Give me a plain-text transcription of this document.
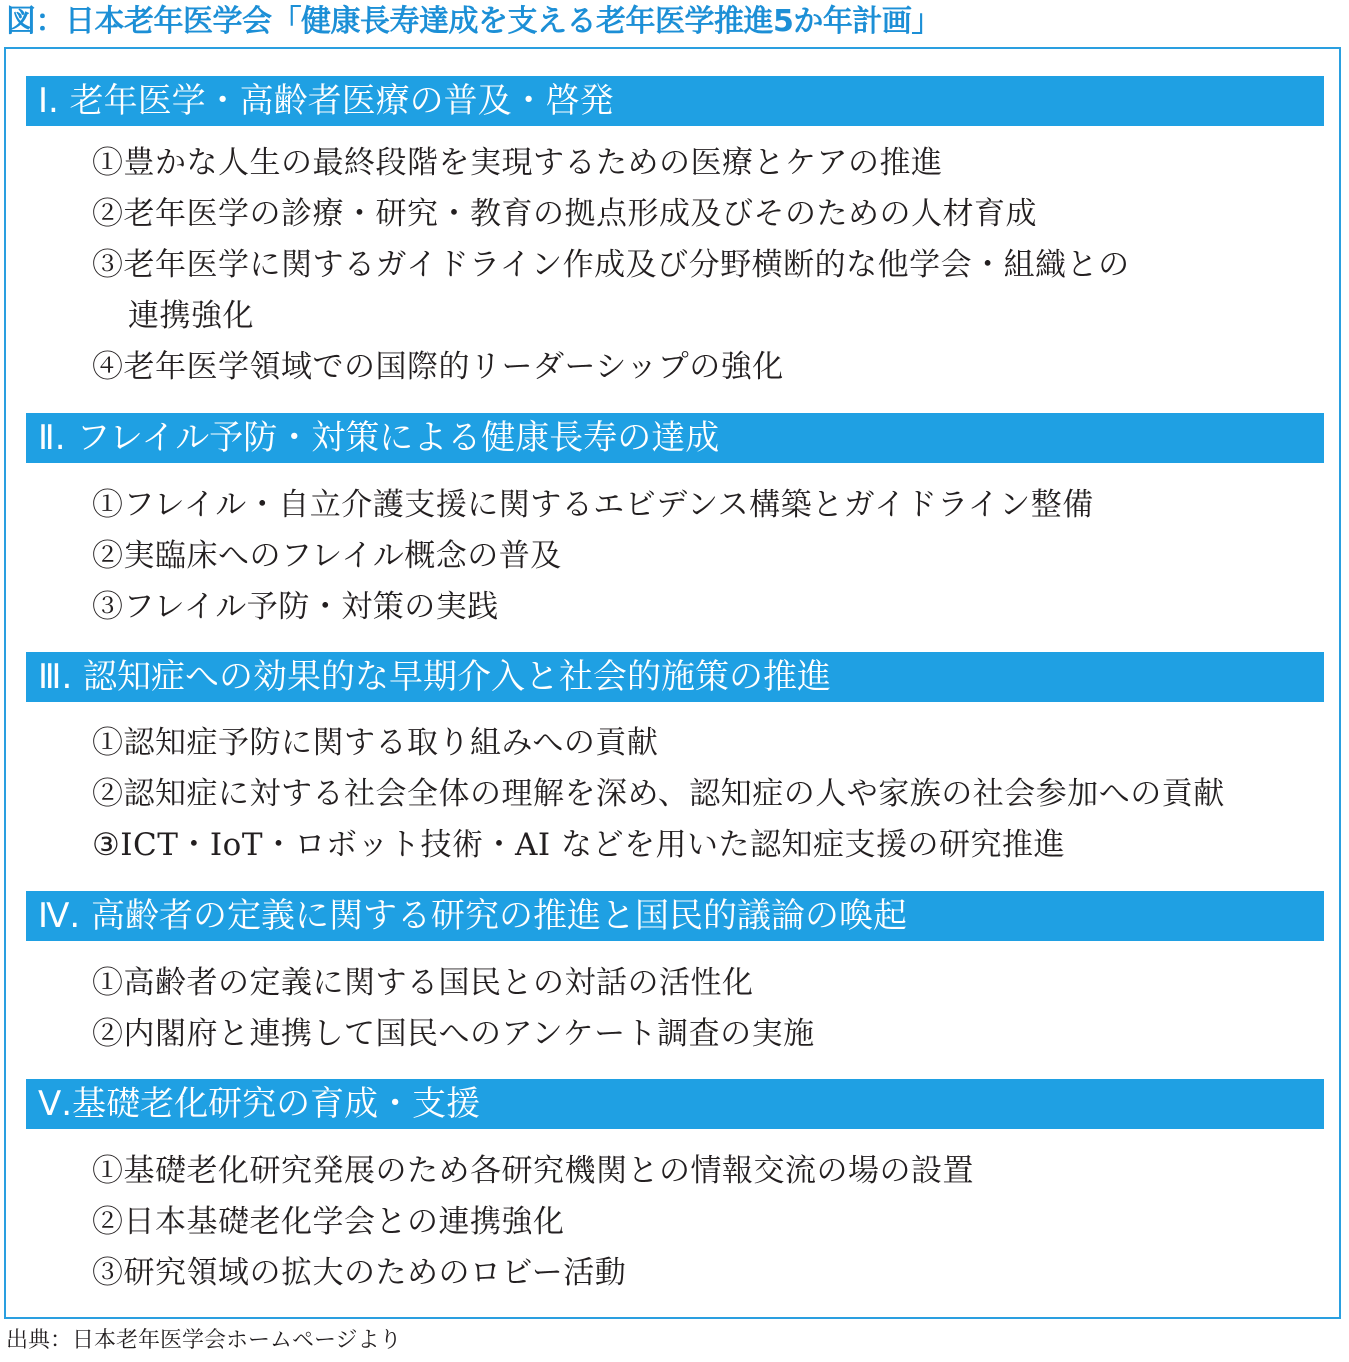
図：日本老年医学会「健康長寿達成を支える老年医学推進5か年計画」
Ⅰ. 老年医学・高齢者医療の普及・啓発
①豊かな人生の最終段階を実現するための医療とケアの推進
②老年医学の診療・研究・教育の拠点形成及びそのための人材育成
③老年医学に関するガイドライン作成及び分野横断的な他学会・組織との
連携強化
④老年医学領域での国際的リーダーシップの強化
Ⅱ. フレイル予防・対策による健康長寿の達成
①フレイル・自立介護支援に関するエビデンス構築とガイドライン整備
②実臨床へのフレイル概念の普及
③フレイル予防・対策の実践
Ⅲ. 認知症への効果的な早期介入と社会的施策の推進
①認知症予防に関する取り組みへの貢献
②認知症に対する社会全体の理解を深め、認知症の人や家族の社会参加への貢献
③ICT・IoT・ロボット技術・AI などを用いた認知症支援の研究推進
Ⅳ. 高齢者の定義に関する研究の推進と国民的議論の喚起
①高齢者の定義に関する国民との対話の活性化
②内閣府と連携して国民へのアンケート調査の実施
Ⅴ.基礎老化研究の育成・支援
①基礎老化研究発展のため各研究機関との情報交流の場の設置
②日本基礎老化学会との連携強化
③研究領域の拡大のためのロビー活動
出典：日本老年医学会ホームページより
